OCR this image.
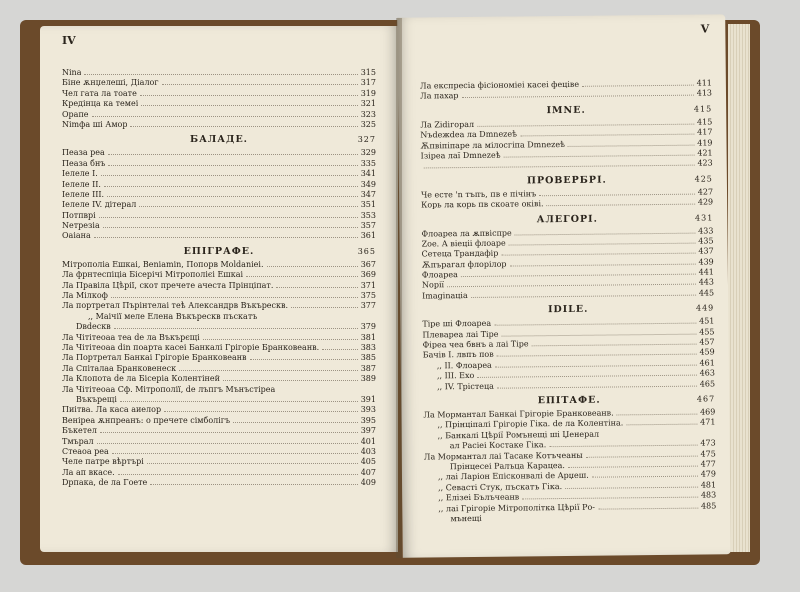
IV
Nina	315
Біне ѫнџелеші, Діалог	317
Чел гата ла тоате	319
Кредінца ка темеі	321
Орапе	323
Nimфa ші Амор	325
БАЛАДЕ.	327
Пеаза реа	329
Пеаза бнъ	335
Іелеле І.	341
Іелеле II.	349
Іелеле III.	347
Іелеле IV. дітерал	351
Потпврі	353
Nетрезіа	357
Оаіана	361
ЕПІГРАФЕ.	365
Мітрополіа Ешкаі, Beniamin, Попорв Moldaniei.	367
Ла фрнтеспіціа Бісерічі Мітрополієі Ешкаі	369
Ла Правіла Цѣрії, скот пречете ачеста Прінціпат.	371
Ла Мілкоф	375
Ла портретал Пърінтелаі теѣ Александрв Въкърескв.	377
,, Маічії меле Елена Въкърескв пъскатъ
Dвdескв	379
Ла Чітітеоаа теа de ла Въкърєщі	381
Ла Чітітеоаа din поарта касеі Банкалі Грігоріе Бранковеанв.	383
Ла Портретал Банкаі Грігоріе Бранковеанв	385
Ла Спіталаа Бранковенеск	387
Ла Клопота de ла Бісеріа Колентіней	389
Ла Чітітеоаа Сф. Мітрополії, de лъпгъ Мънъстіреа
Въкърещі	391
Пиітва. Ла каса аиелор	393
Веніреа ѫнпреанъ: о пречете сімболігъ	395
Бъкетел	397
Тмърал	401
Стеаоа реа	403
Челе патре вѣртърі	405
Ла ап вкасе.	407
Dрпака, de ла Гоете	409
V
Ла експресіа фісіономіеі касеі феціве	411
Ла пахар	413
IMNE.	415
Ла Zidігорал	415
Nъdежdea ла Dmnezeѣ	417
Ѫпвіпіпаре ла мілосгіпа Dmnezeѣ	419
Ізіреа лаї Dmnezeѣ	421
423
ПРОВЕРБРІ.	425
Че есте 'n тъпъ, пв е пічінъ	427
Корь ла корь пв скоате оківі.	429
АЛЕГОРІ.	431
Флоареа ла ѫпвіспре	433
Zое. А віеціі флоаре	435
Сетеца Трандафір	437
Ѫпърагал флорілор	439
Флоареа	441
Nорії	443
Imaginaціа	445
IDILE.	449
Тіре ші Флоареа	451
Плевареа лаі Тіре	455
Фіреа чеа бвнъ а лаі Тіре	457
Бачів І. лвпъ пов	459
,, II. Флоареа	461
,, III. Ехо	463
,, IV. Трістеца	465
ЕПІТАФЕ.	467
Ла Мормантал Банкаі Грігоріе Бранковеанв.	469
,, Прінціпалі Грігоріе Гіка. de ла Колентіна.	471
,, Банкалі Цѣрії Ромънещі ші Џенерал
ал Расіеі Костаке Гіка.	473
Ла Мормантал лаі Тасаке Котъчеаны	475
Прінцесеі Ралъца Карацеа.	477
,, лаі Ларіон Епісконвалі de Арџеш.	479
,, Севасті Стук, пъскатъ Гіка.	481
,, Елізеі Бълъчеанв	483
,, лаі Грігоріе Мітрополітка Цѣрії Ро-	485
мънещі
